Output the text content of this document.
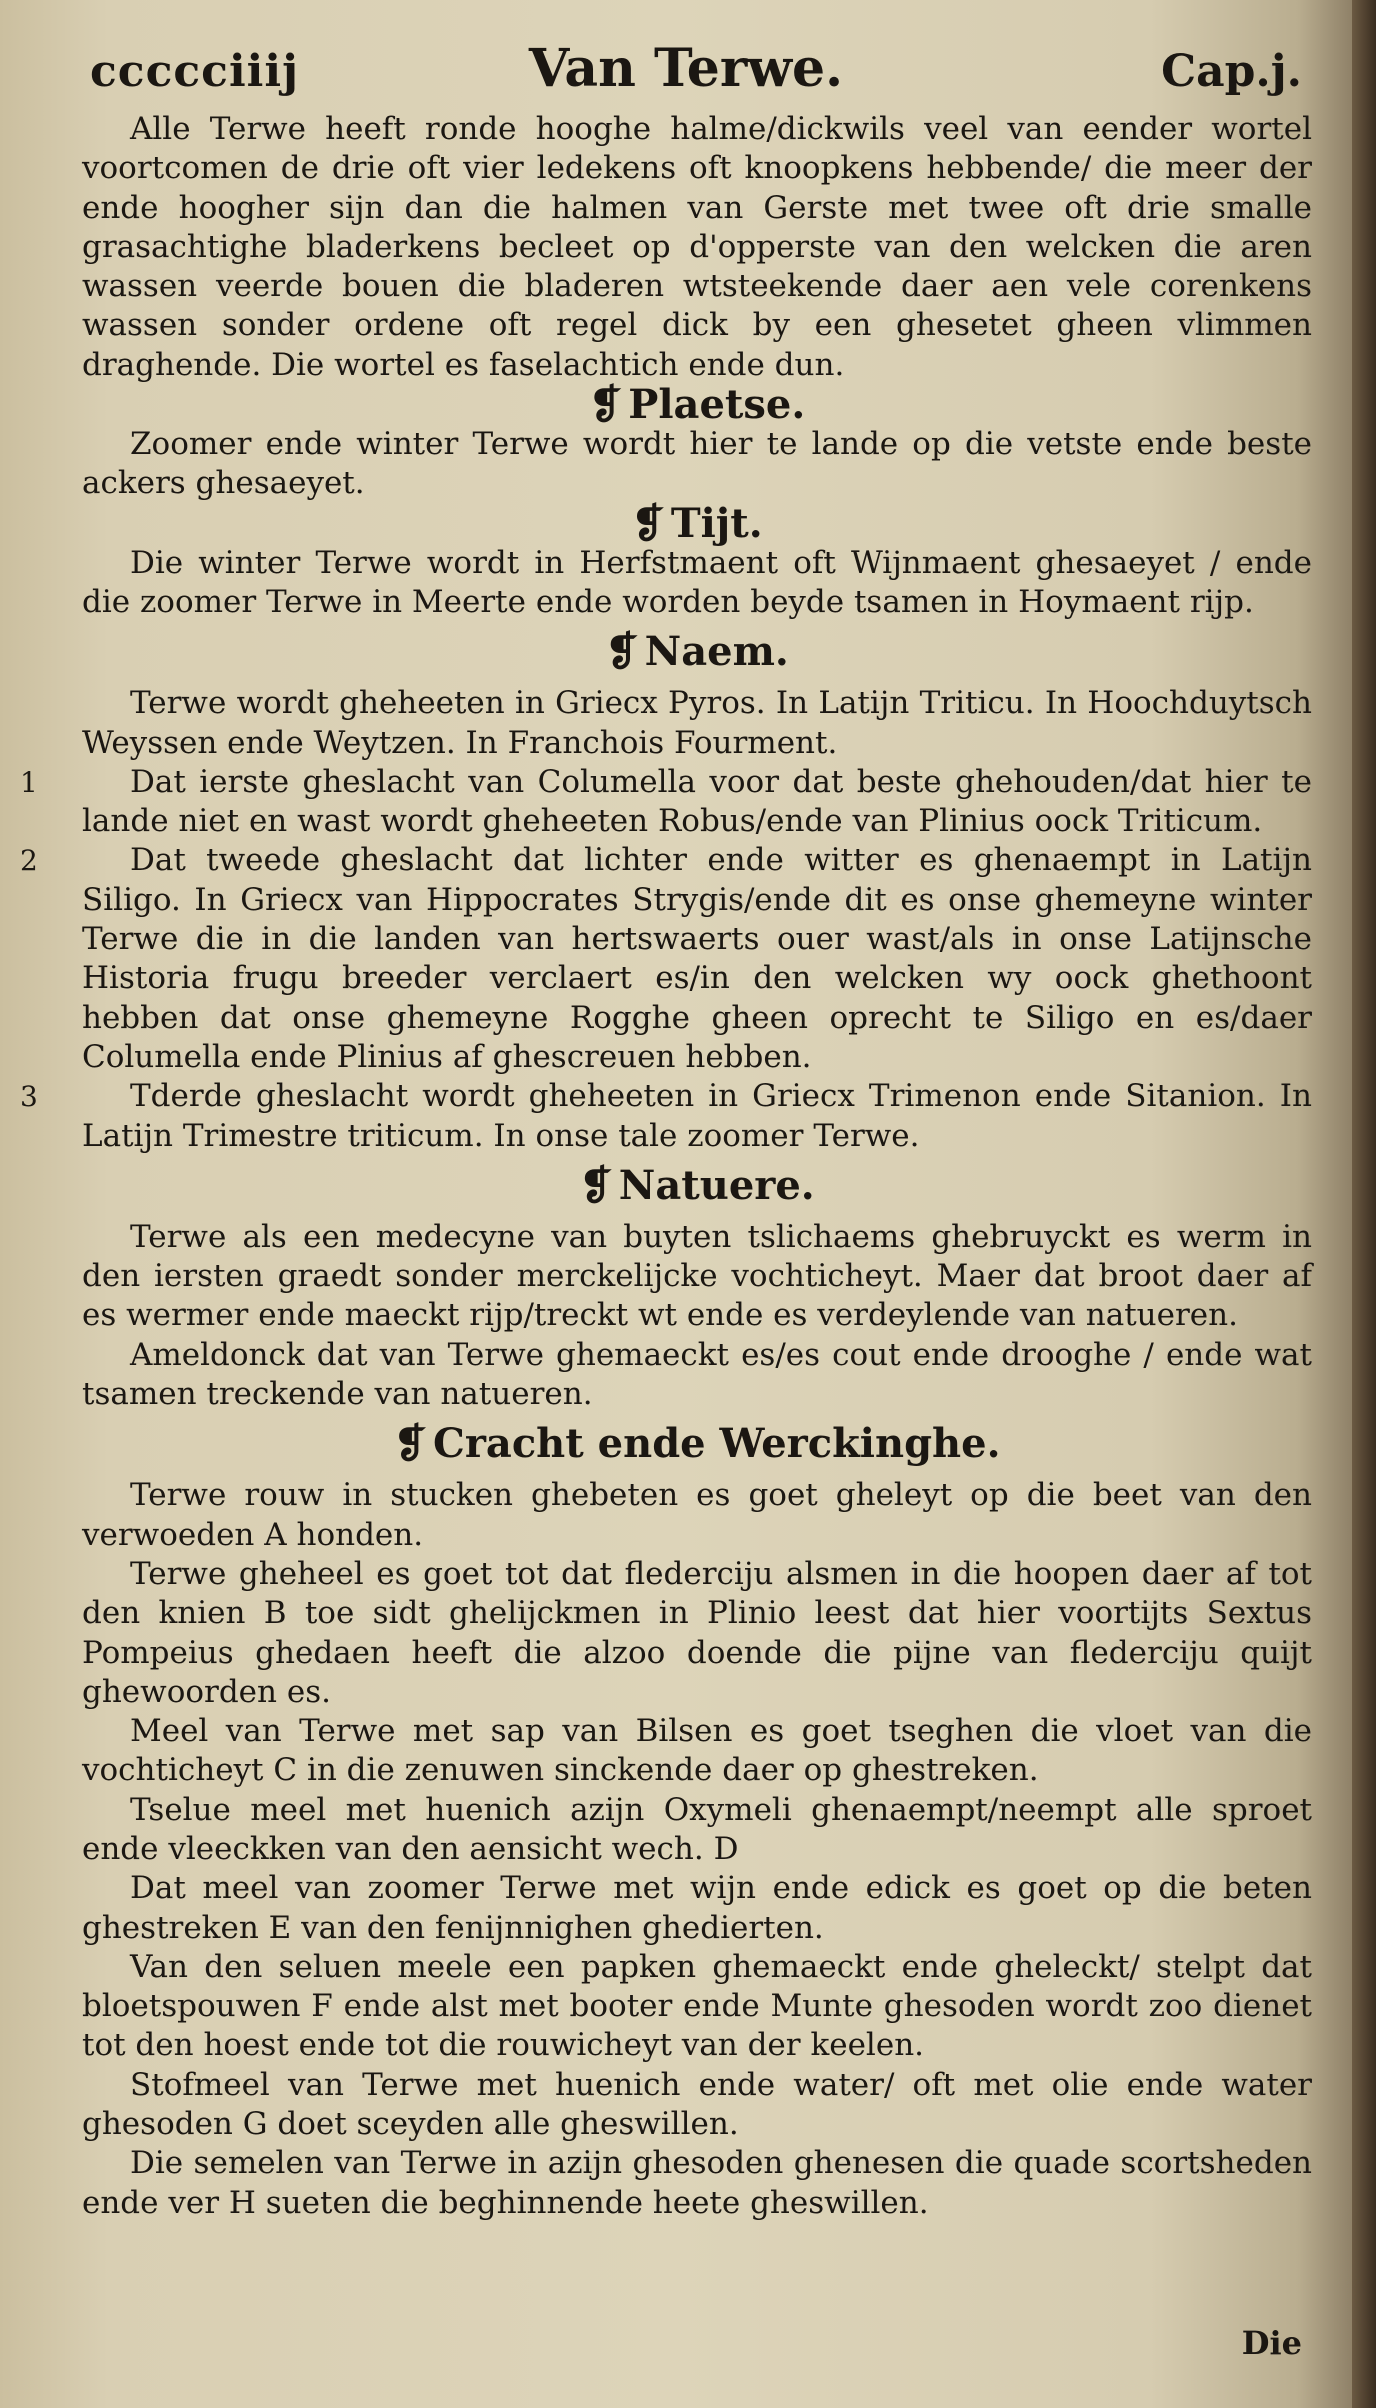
ccccciiij	Van Terwe.	Cap.j.

Alle Terwe heeft ronde hooghe halme/dickwils veel van eender wortel voortcomen de drie oft vier ledekens oft knoopkens hebbende/ die meer der ende hoogher sijn dan die halmen van Gerste met twee oft drie smalle grasachtighe bladerkens becleet op d'opperste van den welcken die aren wassen veerde bouen die bladeren wtsteekende daer aen vele corenkens wassen sonder ordene oft regel dick by een ghesetet gheen vlimmen draghende. Die wortel es faselachtich ende dun.

❡ Plaetse.

Zoomer ende winter Terwe wordt hier te lande op die vetste ende beste ackers ghesaeyet.

❡ Tijt.

Die winter Terwe wordt in Herfstmaent oft Wijnmaent ghesaeyet / ende die zoomer Terwe in Meerte ende worden beyde tsamen in Hoymaent rijp.

❡ Naem.

Terwe wordt gheheeten in Griecx Pyros. In Latijn Triticu. In Hoochduytsch Weyssen ende Weytzen. In Franchois Fourment.

1	Dat ierste gheslacht van Columella voor dat beste ghehouden/dat hier te lande niet en wast wordt gheheeten Robus/ende van Plinius oock Triticum.

2	Dat tweede gheslacht dat lichter ende witter es ghenaempt in Latijn Siligo. In Griecx van Hippocrates Strygis/ende dit es onse ghemeyne winter Terwe die in die landen van hertswaerts ouer wast/als in onse Latijnsche Historia frugu breeder verclaert es/in den welcken wy oock ghethoont hebben dat onse ghemeyne Rogghe gheen oprecht te Siligo en es/daer Columella ende Plinius af ghescreuen hebben.

3	Tderde gheslacht wordt gheheeten in Griecx Trimenon ende Sitanion. In Latijn Trimestre triticum. In onse tale zoomer Terwe.

❡ Natuere.

Terwe als een medecyne van buyten tslichaems ghebruyckt es werm in den iersten graedt sonder merckelijcke vochticheyt. Maer dat broot daer af es wermer ende maeckt rijp/treckt wt ende es verdeylende van natueren.

Ameldonck dat van Terwe ghemaeckt es/es cout ende drooghe / ende wat tsamen treckende van natueren.

❡ Cracht ende Werckinghe.

Terwe rouw in stucken ghebeten es goet gheleyt op die beet van den verwoeden A honden.

Terwe gheheel es goet tot dat flederciju alsmen in die hoopen daer af tot den knien B toe sidt ghelijckmen in Plinio leest dat hier voortijts Sextus Pompeius ghedaen heeft die alzoo doende die pijne van flederciju quijt ghewoorden es.

Meel van Terwe met sap van Bilsen es goet tseghen die vloet van die vochticheyt C in die zenuwen sinckende daer op ghestreken.

Tselue meel met huenich azijn Oxymeli ghenaempt/neempt alle sproet ende vleeckken van den aensicht wech. D

Dat meel van zoomer Terwe met wijn ende edick es goet op die beten ghestreken E van den fenijnnighen ghedierten.

Van den seluen meele een papken ghemaeckt ende gheleckt/ stelpt dat bloetspouwen F ende alst met booter ende Munte ghesoden wordt zoo dienet tot den hoest ende tot die rouwicheyt van der keelen.

Stofmeel van Terwe met huenich ende water/ oft met olie ende water ghesoden G doet sceyden alle gheswillen.

Die semelen van Terwe in azijn ghesoden ghenesen die quade scortsheden ende ver H sueten die beghinnende heete gheswillen.

Die
